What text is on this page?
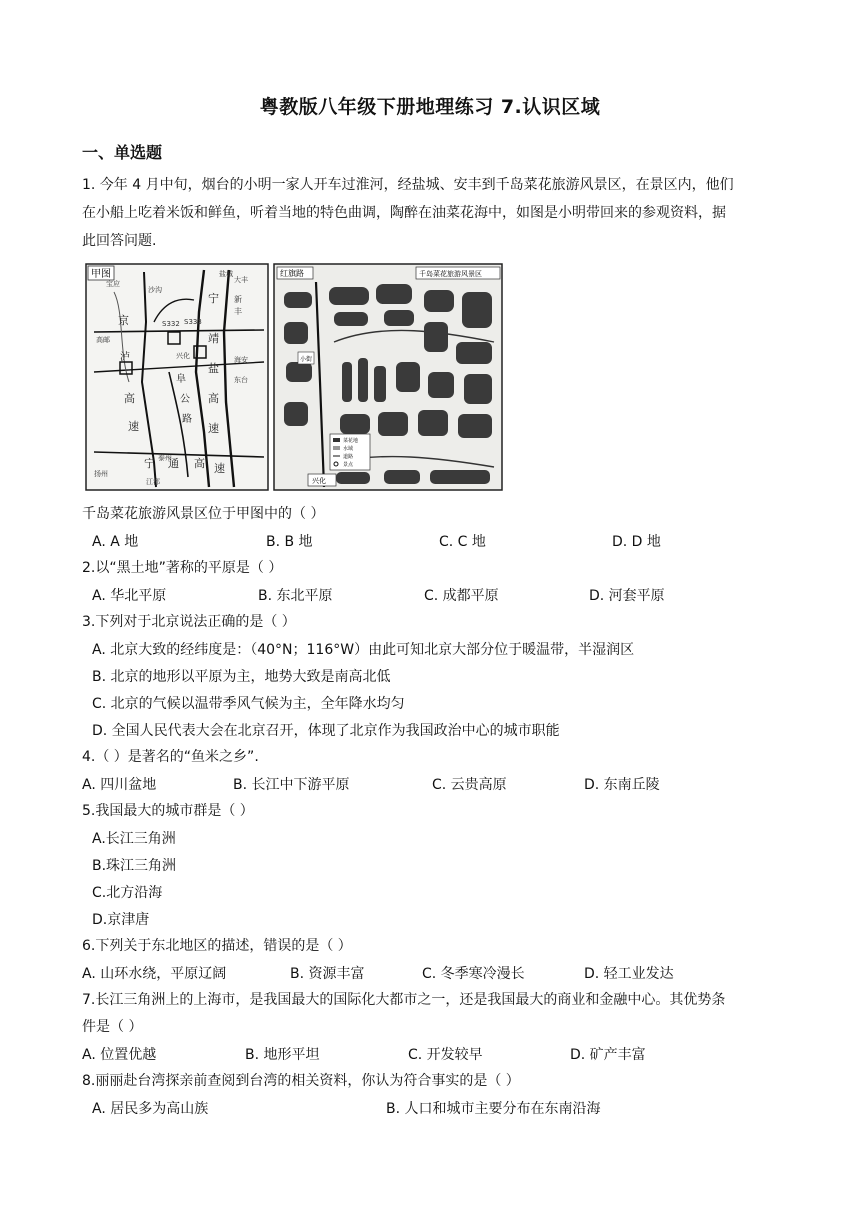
粤教版八年级下册地理练习 7.认识区域
一、单选题
1. 今年 4 月中旬，烟台的小明一家人开车过淮河，经盐城、安丰到千岛菜花旅游风景区，在景区内，他们
在小船上吃着米饭和鲜鱼，听着当地的特色曲调，陶醉在油菜花海中，如图是小明带回来的参观资料，据
此回答问题.
甲图
宝应
沙沟
京
高邮
S332 S333
泸	兴化
阜
公
路
高
速
宁
靖
盐
高
速
新
丰
海安
东台
大丰
盐城
宁 通 高 速
江都
扬州
泰州
红旗路	千岛菜花旅游风景区
菜花地
水域
道路
景点
兴化
小街
千岛菜花旅游风景区位于甲图中的（ ）
A. A 地	B. B 地	C. C 地	D. D 地
2.以“黑土地”著称的平原是（ ）
A. 华北平原	B. 东北平原	C. 成都平原	D. 河套平原
3.下列对于北京说法正确的是（ ）
A. 北京大致的经纬度是：（40°N；116°W）由此可知北京大部分位于暖温带，半湿润区
B. 北京的地形以平原为主，地势大致是南高北低
C. 北京的气候以温带季风气候为主，全年降水均匀
D. 全国人民代表大会在北京召开，体现了北京作为我国政治中心的城市职能
4.（ ）是著名的“鱼米之乡”.
A. 四川盆地	B. 长江中下游平原	C. 云贵高原	D. 东南丘陵
5.我国最大的城市群是（ ）
A.长江三角洲
B.珠江三角洲
C.北方沿海
D.京津唐
6.下列关于东北地区的描述，错误的是（ ）
A. 山环水绕，平原辽阔	B. 资源丰富	C. 冬季寒冷漫长	D. 轻工业发达
7.长江三角洲上的上海市，是我国最大的国际化大都市之一，还是我国最大的商业和金融中心。其优势条
件是（ ）
A. 位置优越	B. 地形平坦	C. 开发较早	D. 矿产丰富
8.丽丽赴台湾探亲前查阅到台湾的相关资料，你认为符合事实的是（ ）
A. 居民多为高山族	B. 人口和城市主要分布在东南沿海
